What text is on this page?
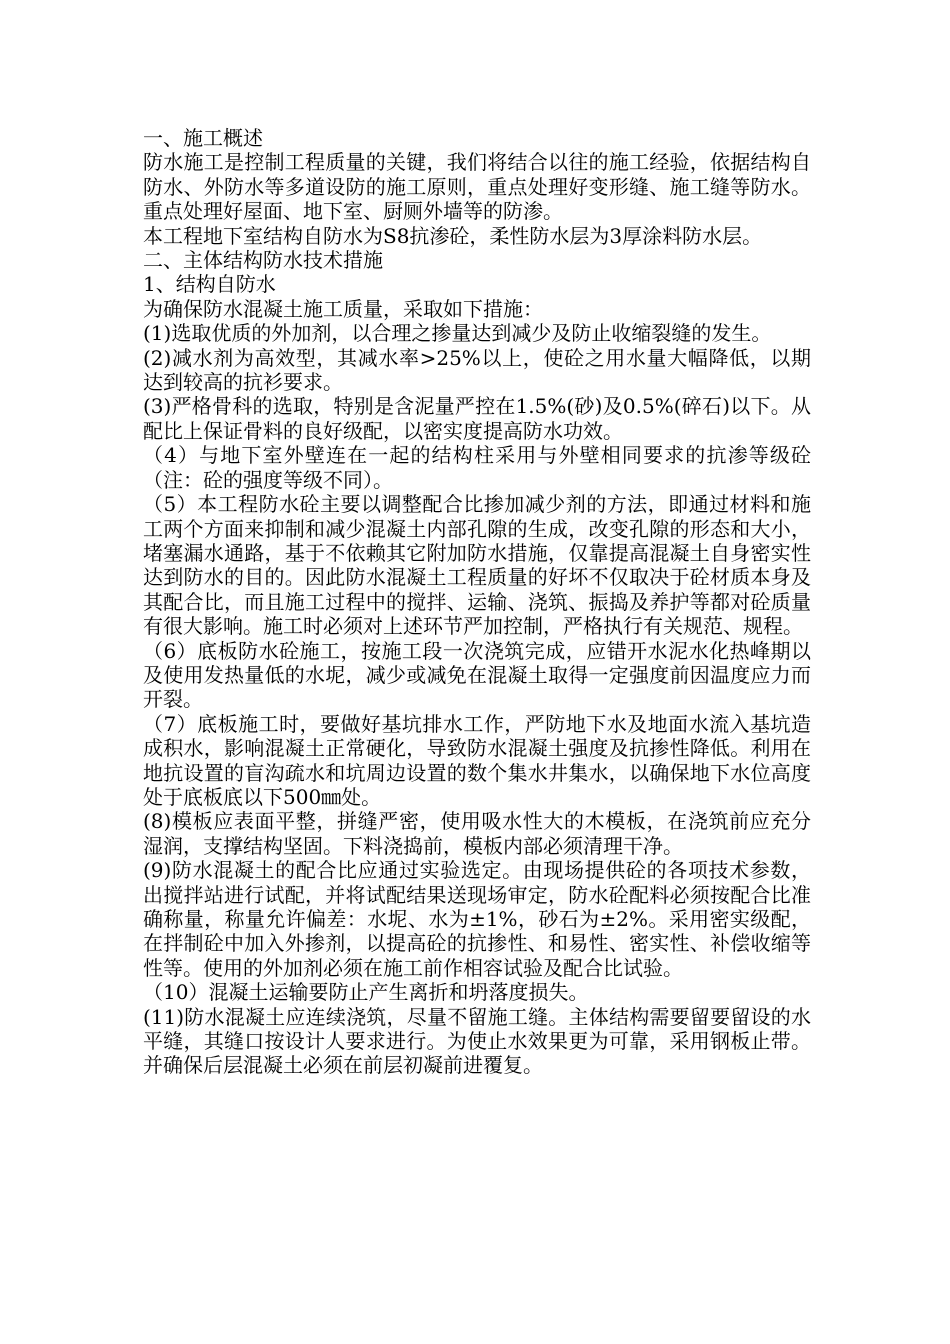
一、施工概述

防水施工是控制工程质量的关键，我们将结合以往的施工经验，依据结构自防水、外防水等多道设防的施工原则，重点处理好变形缝、施工缝等防水。重点处理好屋面、地下室、厨厕外墙等的防渗。

本工程地下室结构自防水为S8抗渗砼，柔性防水层为3厚涂料防水层。

二、主体结构防水技术措施

1、结构自防水

为确保防水混凝土施工质量，采取如下措施：

(1)选取优质的外加剂，以合理之掺量达到减少及防止收缩裂缝的发生。

(2)减水剂为高效型，其减水率>25%以上，使砼之用水量大幅降低，以期达到较高的抗衫要求。

(3)严格骨科的选取，特别是含泥量严控在1.5%(砂)及0.5%(碎石)以下。从配比上保证骨料的良好级配，以密实度提高防水功效。

（4）与地下室外壁连在一起的结构柱采用与外壁相同要求的抗渗等级砼（注：砼的强度等级不同）。

（5）本工程防水砼主要以调整配合比掺加减少剂的方法，即通过材料和施工两个方面来抑制和减少混凝土内部孔隙的生成，改变孔隙的形态和大小，堵塞漏水通路，基于不依赖其它附加防水措施，仅靠提高混凝土自身密实性达到防水的目的。因此防水混凝土工程质量的好坏不仅取决于砼材质本身及其配合比，而且施工过程中的搅拌、运输、浇筑、振捣及养护等都对砼质量有很大影响。施工时必须对上述环节严加控制，严格执行有关规范、规程。

（6）底板防水砼施工，按施工段一次浇筑完成，应错开水泥水化热峰期以及使用发热量低的水坭，减少或减免在混凝土取得一定强度前因温度应力而开裂。

（7）底板施工时，要做好基坑排水工作，严防地下水及地面水流入基坑造成积水，影响混凝土正常硬化，导致防水混凝土强度及抗掺性降低。利用在地抗设置的盲沟疏水和坑周边设置的数个集水井集水，以确保地下水位高度处于底板底以下500㎜处。

(8)模板应表面平整，拼缝严密，使用吸水性大的木模板，在浇筑前应充分湿润，支撑结构坚固。下料浇捣前，模板内部必须清理干净。

(9)防水混凝土的配合比应通过实验选定。由现场提供砼的各项技术参数，出搅拌站进行试配，并将试配结果送现场审定，防水砼配料必须按配合比准确称量，称量允许偏差：水坭、水为±1%，砂石为±2%。采用密实级配，在拌制砼中加入外掺剂，以提高砼的抗掺性、和易性、密实性、补偿收缩等性等。使用的外加剂必须在施工前作相容试验及配合比试验。

（10）混凝土运输要防止产生离折和坍落度损失。

(11)防水混凝土应连续浇筑，尽量不留施工缝。主体结构需要留要留设的水平缝，其缝口按设计人要求进行。为使止水效果更为可靠，采用钢板止带。并确保后层混凝土必须在前层初凝前进覆复。
